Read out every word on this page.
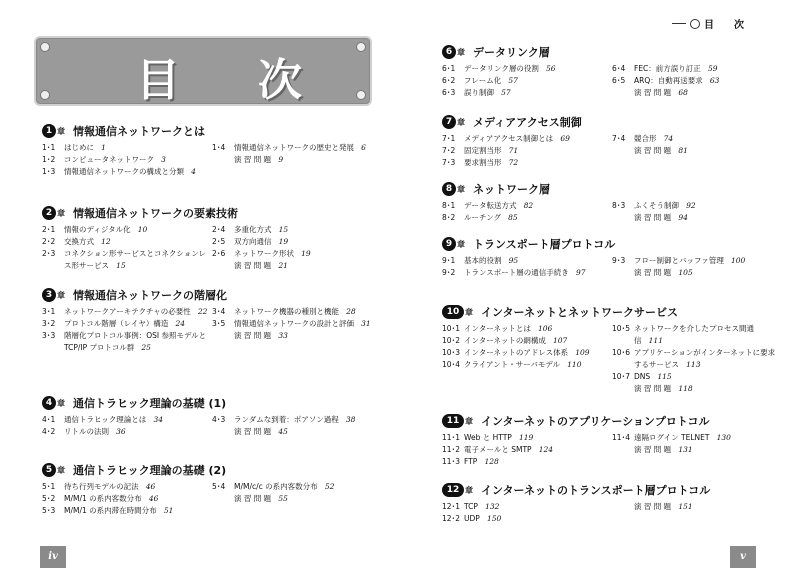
目 次
iv	v
目　　次
1 章 情報通信ネットワークとは
1･1	はじめに 1
1･2	コンピュータネットワーク 3
1･3	情報通信ネットワークの構成と分類 4
1･4	情報通信ネットワークの歴史と発展 6
演 習 問 題 9
2 章 情報通信ネットワークの要素技術
2･1	情報のディジタル化 10
2･2	交換方式 12
2･3	コネクション形サービスとコネクションレス形サービス 15
2･4	多重化方式 15
2･5	双方向通信 19
2･6	ネットワーク形状 19
演 習 問 題 21
3 章 情報通信ネットワークの階層化
3･1	ネットワークアーキテクチャの必要性 22
3･2	プロトコル階層（レイヤ）構造 24
3･3	階層化プロトコル事例：OSI 参照モデルと TCP/IP プロトコル群 25
3･4	ネットワーク機器の種別と機能 28
3･5	情報通信ネットワークの設計と評価 31
演 習 問 題 33
4 章 通信トラヒック理論の基礎 (1)
4･1	通信トラヒック理論とは 34
4･2	リトルの法則 36
4･3	ランダムな到着：ポアソン過程 38
演 習 問 題 45
5 章 通信トラヒック理論の基礎 (2)
5･1	待ち行列モデルの記法 46
5･2	M/M/1 の系内客数分布 46
5･3	M/M/1 の系内滞在時間分布 51
5･4	M/M/c/c の系内客数分布 52
演 習 問 題 55
6 章 データリンク層
6･1	データリンク層の役割 56
6･2	フレーム化 57
6･3	誤り制御 57
6･4	FEC：前方誤り訂正 59
6･5	ARQ：自動再送要求 63
演 習 問 題 68
7 章 メディアアクセス制御
7･1	メディアアクセス制御とは 69
7･2	固定割当形 71
7･3	要求割当形 72
7･4	競合形 74
演 習 問 題 81
8 章 ネットワーク層
8･1	データ転送方式 82
8･2	ルーチング 85
8･3	ふくそう制御 92
演 習 問 題 94
9 章 トランスポート層プロトコル
9･1	基本的役割 95
9･2	トランスポート層の通信手続き 97
9･3	フロー制御とバッファ管理 100
演 習 問 題 105
10 章 インターネットとネットワークサービス
10･1 インターネットとは 106
10･2 インターネットの網構成 107
10･3 インターネットのアドレス体系 109
10･4 クライアント・サーバモデル 110
10･5 ネットワークを介したプロセス間通信 111
10･6 アプリケーションがインターネットに要求するサービス 113
10･7 DNS 115
演 習 問 題 118
11 章 インターネットのアプリケーションプロトコル
11･1 Web と HTTP 119
11･2 電子メールと SMTP 124
11･3 FTP 128
11･4 遠隔ログイン TELNET 130
演 習 問 題 131
12 章 インターネットのトランスポート層プロトコル
12･1 TCP 132
12･2 UDP 150
演 習 問 題 151
